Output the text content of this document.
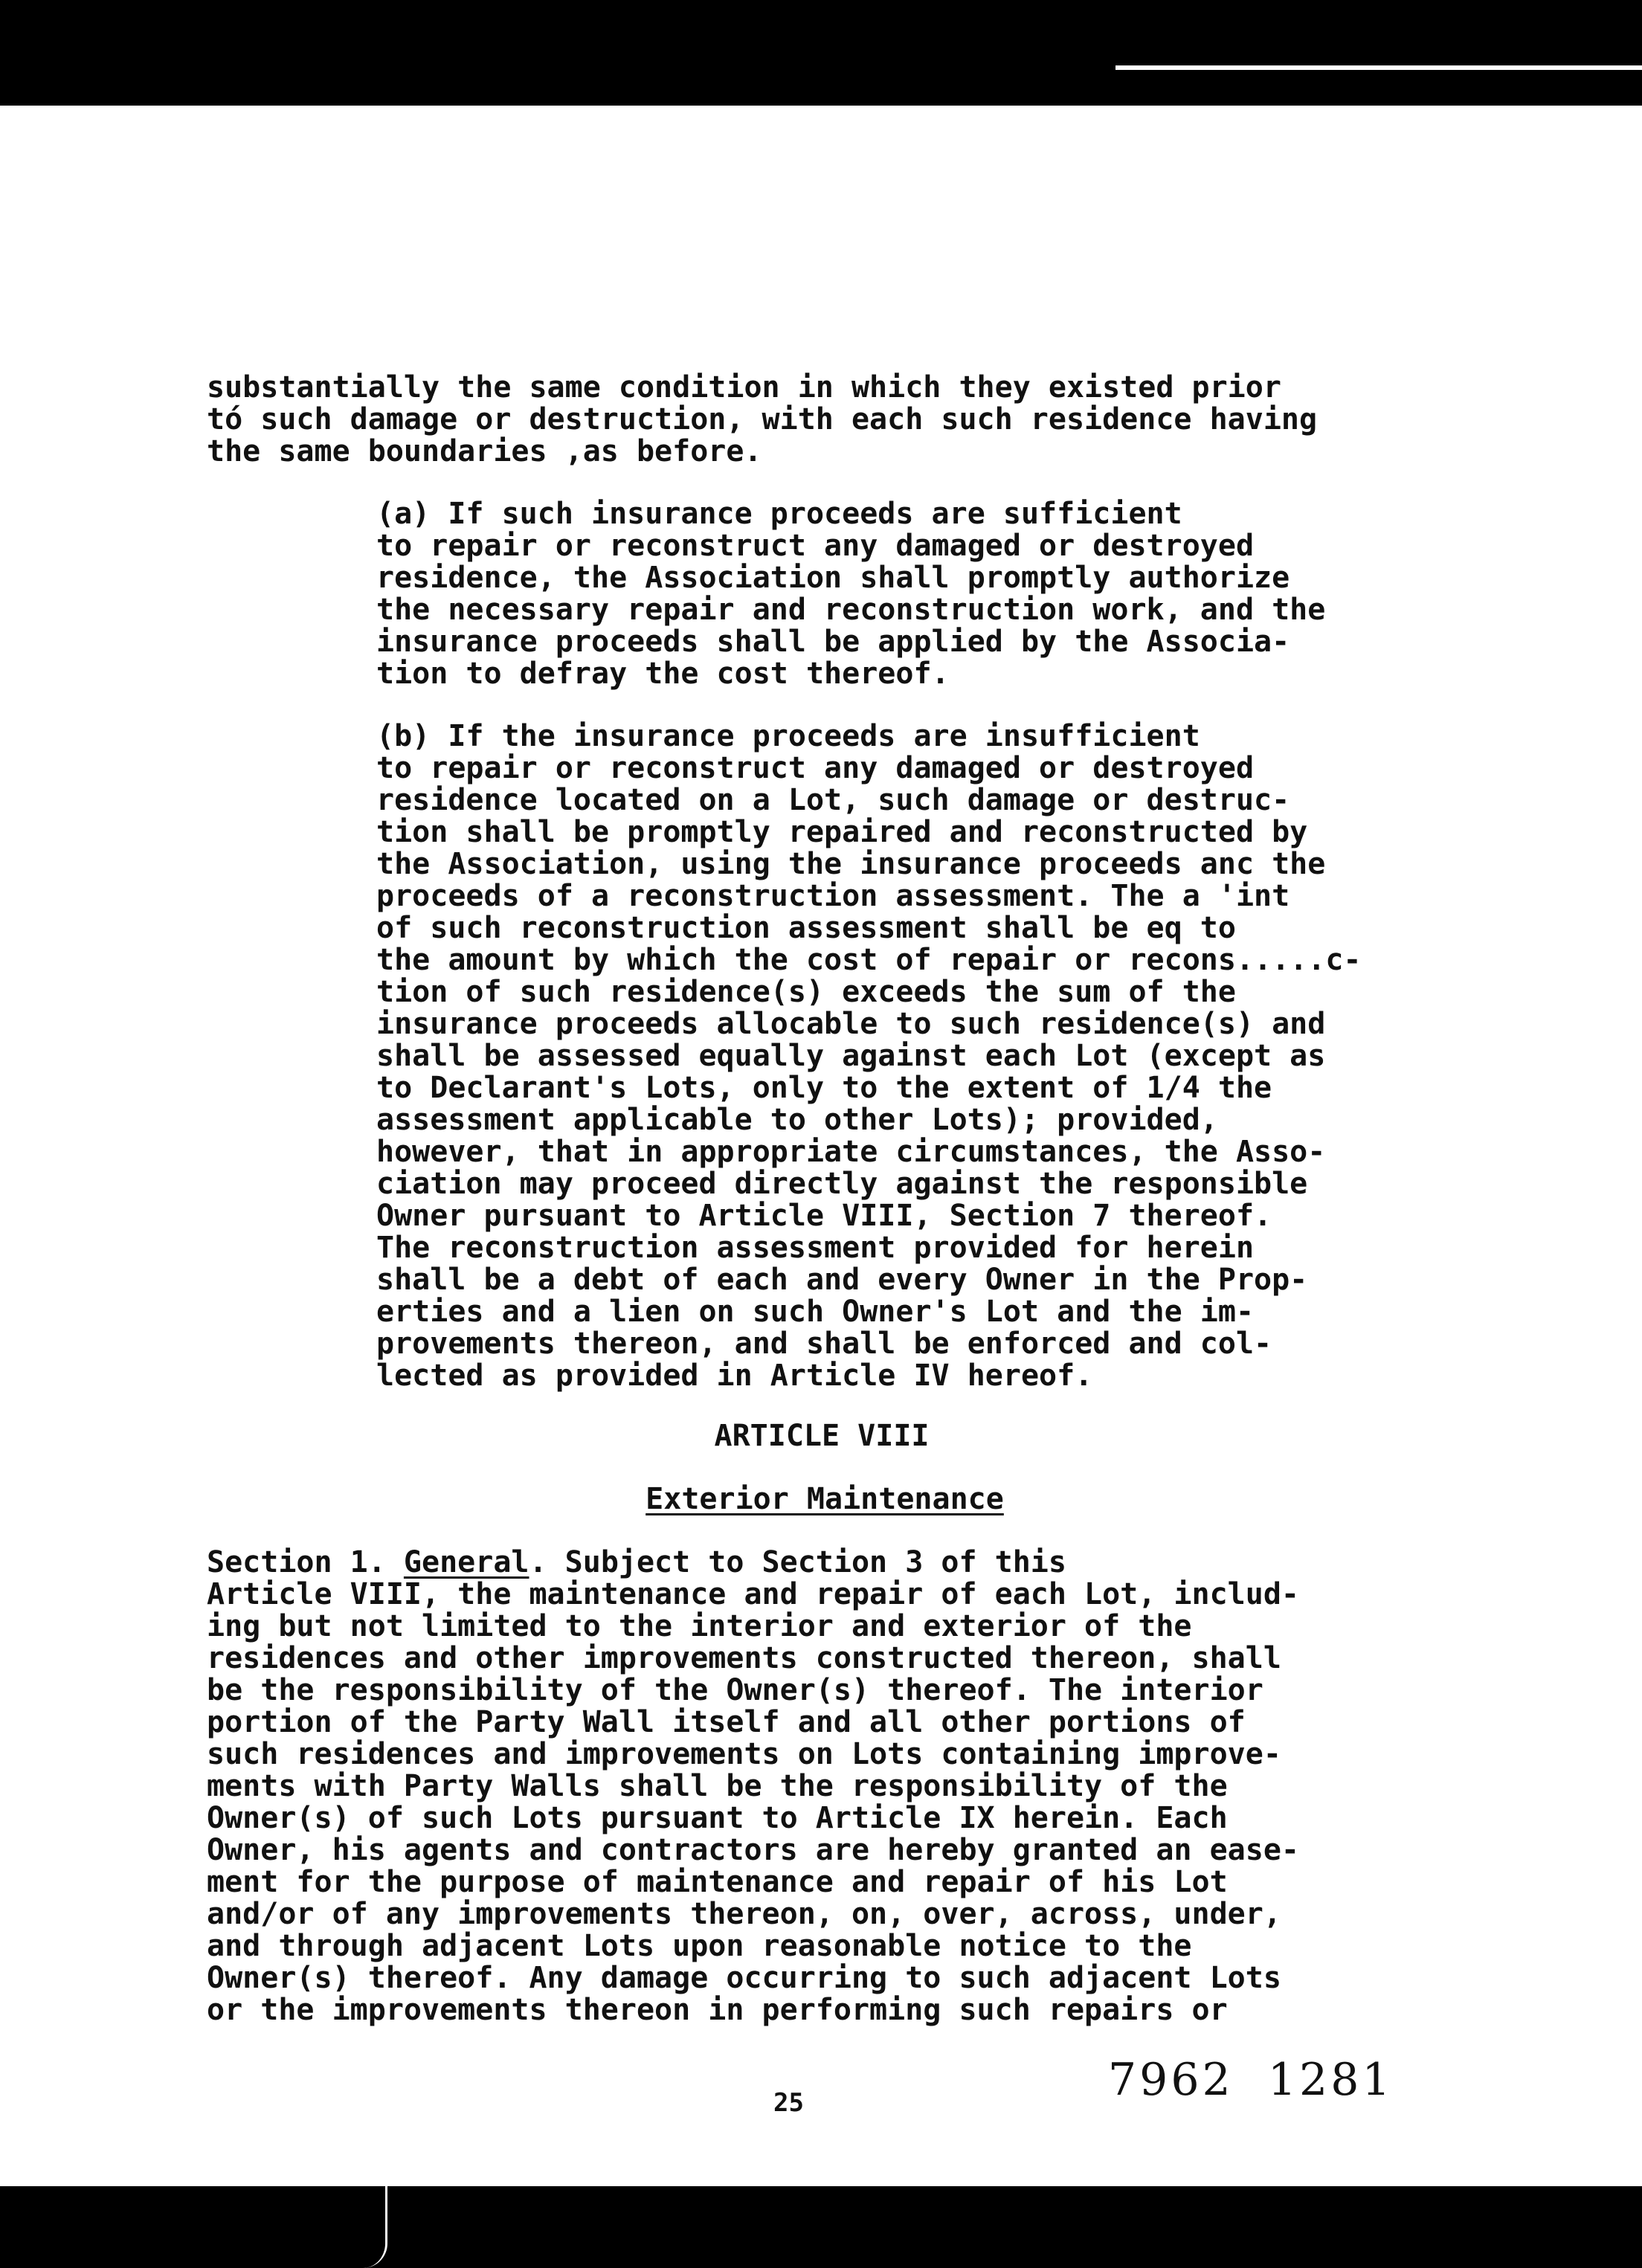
substantially the same condition in which they existed prior
tó such damage or destruction, with each such residence having
the same boundaries ,as before.

(a) If such insurance proceeds are sufficient
to repair or reconstruct any damaged or destroyed
residence, the Association shall promptly authorize
the necessary repair and reconstruction work, and the
insurance proceeds shall be applied by the Associa-
tion to defray the cost thereof.

(b) If the insurance proceeds are insufficient
to repair or reconstruct any damaged or destroyed
residence located on a Lot, such damage or destruc-
tion shall be promptly repaired and reconstructed by
the Association, using the insurance proceeds anc the
proceeds of a reconstruction assessment. The a 'int
of such reconstruction assessment shall be eq to
the amount by which the cost of repair or recons.....c-
tion of such residence(s) exceeds the sum of the
insurance proceeds allocable to such residence(s) and
shall be assessed equally against each Lot (except as
to Declarant's Lots, only to the extent of 1/4 the
assessment applicable to other Lots); provided,
however, that in appropriate circumstances, the Asso-
ciation may proceed directly against the responsible
Owner pursuant to Article VIII, Section 7 thereof.
The reconstruction assessment provided for herein
shall be a debt of each and every Owner in the Prop-
erties and a lien on such Owner's Lot and the im-
provements thereon, and shall be enforced and col-
lected as provided in Article IV hereof.

ARTICLE VIII

Exterior Maintenance

Section 1. General. Subject to Section 3 of this
Article VIII, the maintenance and repair of each Lot, includ-
ing but not limited to the interior and exterior of the
residences and other improvements constructed thereon, shall
be the responsibility of the Owner(s) thereof. The interior
portion of the Party Wall itself and all other portions of
such residences and improvements on Lots containing improve-
ments with Party Walls shall be the responsibility of the
Owner(s) of such Lots pursuant to Article IX herein. Each
Owner, his agents and contractors are hereby granted an ease-
ment for the purpose of maintenance and repair of his Lot
and/or of any improvements thereon, on, over, across, under,
and through adjacent Lots upon reasonable notice to the
Owner(s) thereof. Any damage occurring to such adjacent Lots
or the improvements thereon in performing such repairs or

25	7962  1281
